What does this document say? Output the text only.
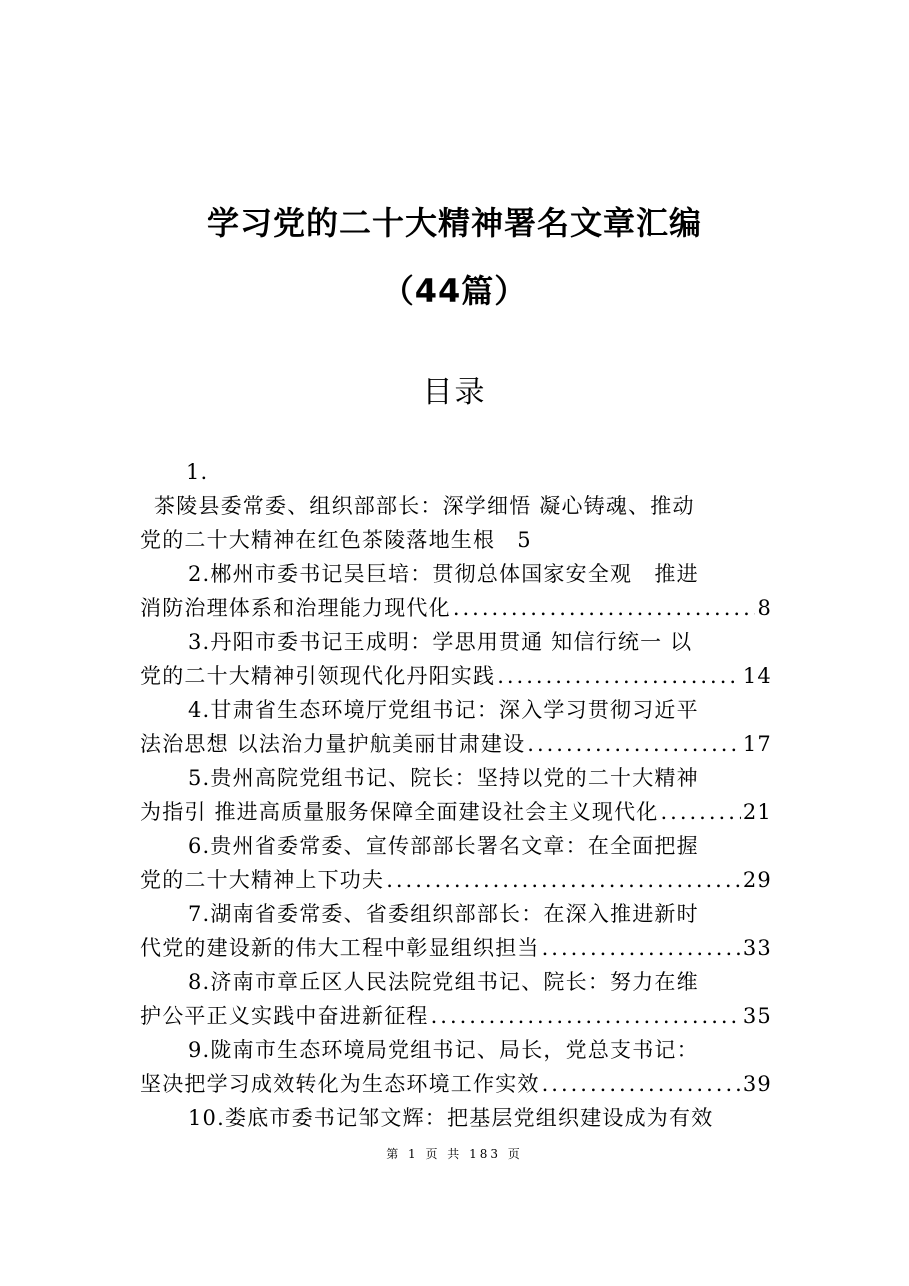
学习党的二十大精神署名文章汇编
（44篇）
目录
1.
茶陵县委常委、组织部部长：深学细悟 凝心铸魂、推动
党的二十大精神在红色茶陵落地生根 5
2.郴州市委书记吴巨培：贯彻总体国家安全观　推进
消防治理体系和治理能力现代化 .....	8
3.丹阳市委书记王成明：学思用贯通 知信行统一 以
党的二十大精神引领现代化丹阳实践 .....	14
4.甘肃省生态环境厅党组书记：深入学习贯彻习近平
法治思想 以法治力量护航美丽甘肃建设 .....	17
5.贵州高院党组书记、院长：坚持以党的二十大精神
为指引 推进高质量服务保障全面建设社会主义现代化 .....	21
6.贵州省委常委、宣传部部长署名文章：在全面把握
党的二十大精神上下功夫 .....	29
7.湖南省委常委、省委组织部部长：在深入推进新时
代党的建设新的伟大工程中彰显组织担当 .....	33
8.济南市章丘区人民法院党组书记、院长：努力在维
护公平正义实践中奋进新征程 .....	35
9.陇南市生态环境局党组书记、局长，党总支书记：
坚决把学习成效转化为生态环境工作实效 .....	39
10.娄底市委书记邹文辉：把基层党组织建设成为有效
第 1 页 共 183 页
